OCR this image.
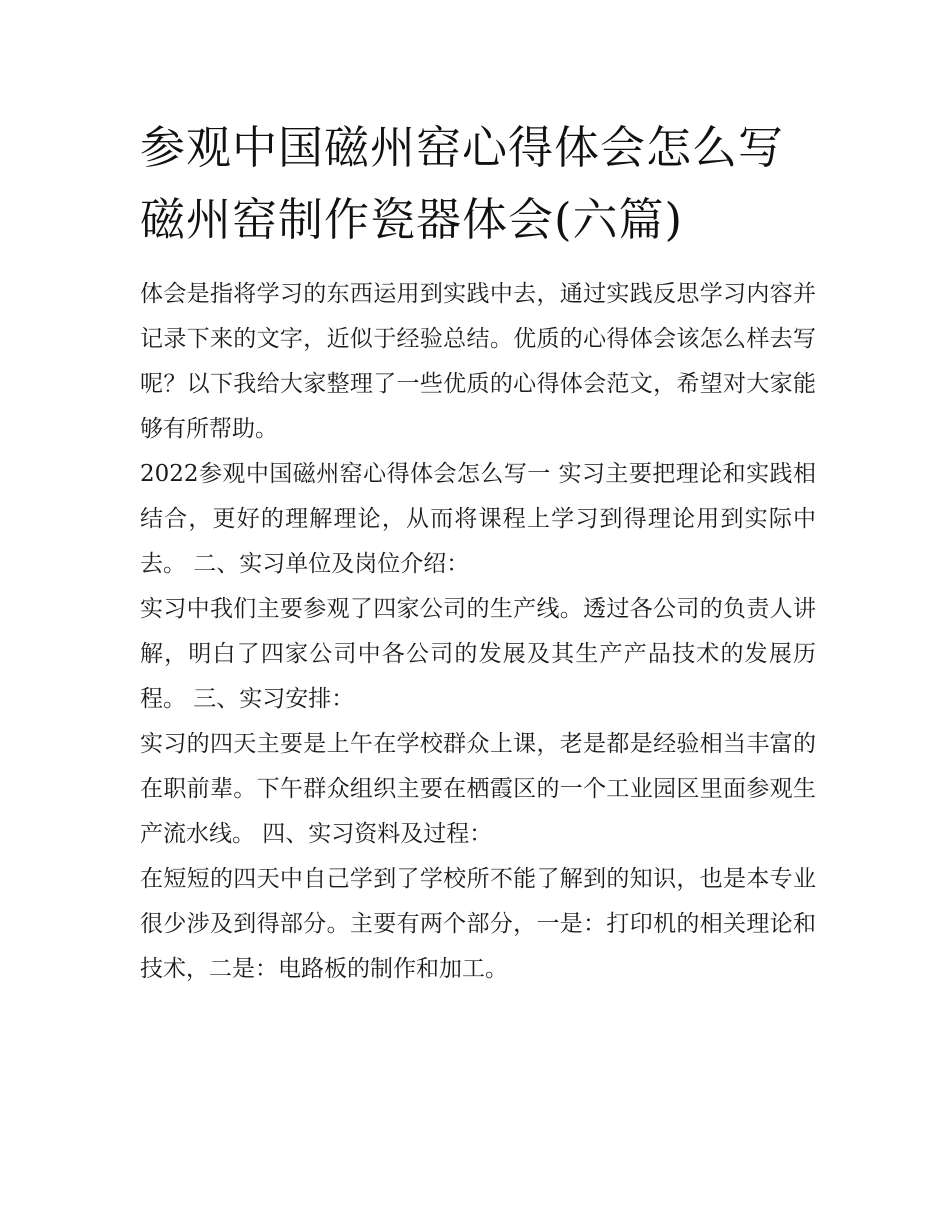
参观中国磁州窑心得体会怎么写 磁州窑制作瓷器体会(六篇)

体会是指将学习的东西运用到实践中去，通过实践反思学习内容并记录下来的文字，近似于经验总结。优质的心得体会该怎么样去写呢？以下我给大家整理了一些优质的心得体会范文，希望对大家能够有所帮助。

2022参观中国磁州窑心得体会怎么写一 实习主要把理论和实践相结合，更好的理解理论，从而将课程上学习到得理论用到实际中去。 二、实习单位及岗位介绍：

实习中我们主要参观了四家公司的生产线。透过各公司的负责人讲解，明白了四家公司中各公司的发展及其生产产品技术的发展历程。 三、实习安排：

实习的四天主要是上午在学校群众上课，老是都是经验相当丰富的在职前辈。下午群众组织主要在栖霞区的一个工业园区里面参观生产流水线。 四、实习资料及过程：

在短短的四天中自己学到了学校所不能了解到的知识，也是本专业很少涉及到得部分。主要有两个部分，一是：打印机的相关理论和技术，二是：电路板的制作和加工。
